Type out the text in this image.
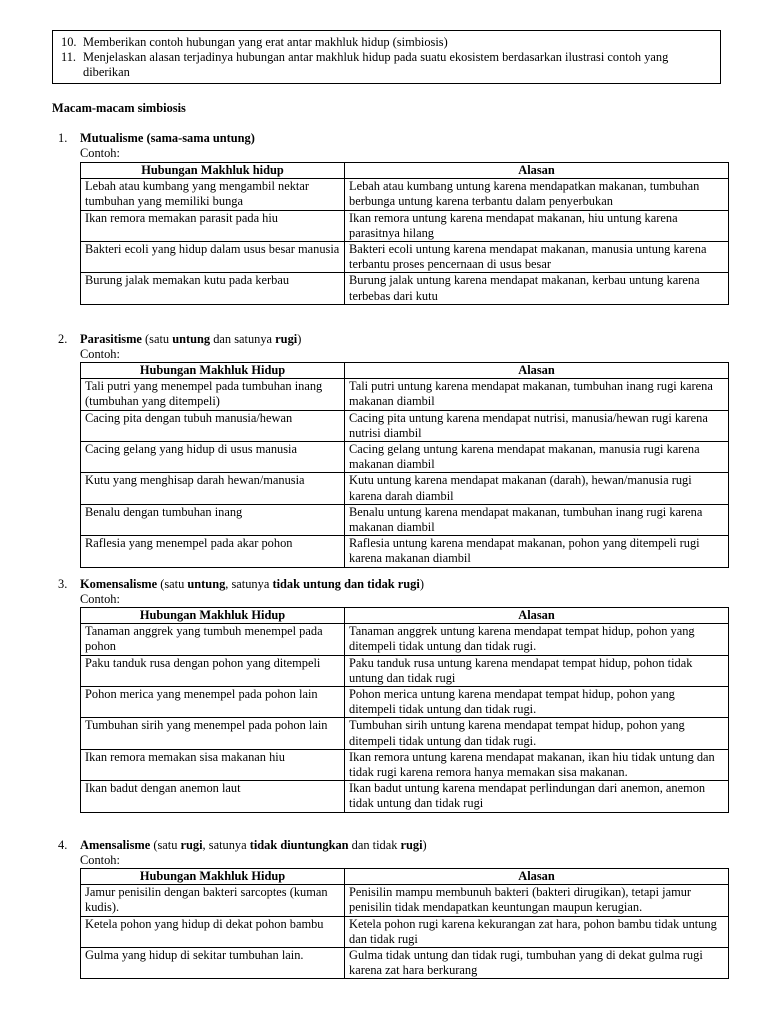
10. Memberikan contoh hubungan yang erat antar makhluk hidup (simbiosis)
11. Menjelaskan alasan terjadinya hubungan antar makhluk hidup pada suatu ekosistem berdasarkan ilustrasi contoh yang diberikan
Macam-macam simbiosis
1. Mutualisme (sama-sama untung)
Contoh:
Hubungan Makhluk hidup	Alasan
Lebah atau kumbang yang mengambil nektar tumbuhan yang memiliki bunga	Lebah atau kumbang untung karena mendapatkan makanan, tumbuhan berbunga untung karena terbantu dalam penyerbukan
Ikan remora memakan parasit pada hiu	Ikan remora untung karena mendapat makanan, hiu untung karena parasitnya hilang
Bakteri ecoli yang hidup dalam usus besar manusia	Bakteri ecoli untung karena mendapat makanan, manusia untung karena terbantu proses pencernaan di usus besar
Burung jalak memakan kutu pada kerbau	Burung jalak untung karena mendapat makanan, kerbau untung karena terbebas dari kutu
2. Parasitisme (satu untung dan satunya rugi)
Contoh:
Hubungan Makhluk Hidup	Alasan
Tali putri yang menempel pada tumbuhan inang (tumbuhan yang ditempeli)	Tali putri untung karena mendapat makanan, tumbuhan inang rugi karena makanan diambil
Cacing pita dengan tubuh manusia/hewan	Cacing pita untung karena mendapat nutrisi, manusia/hewan rugi karena nutrisi diambil
Cacing gelang yang hidup di usus manusia	Cacing gelang untung karena mendapat makanan, manusia rugi karena makanan diambil
Kutu yang menghisap darah hewan/manusia	Kutu untung karena mendapat makanan (darah), hewan/manusia rugi karena darah diambil
Benalu dengan tumbuhan inang	Benalu untung karena mendapat makanan, tumbuhan inang rugi karena makanan diambil
Raflesia yang menempel pada akar pohon	Raflesia untung karena mendapat makanan, pohon yang ditempeli rugi karena makanan diambil
3. Komensalisme (satu untung, satunya tidak untung dan tidak rugi)
Contoh:
Hubungan Makhluk Hidup	Alasan
Tanaman anggrek yang tumbuh menempel pada pohon	Tanaman anggrek untung karena mendapat tempat hidup, pohon yang ditempeli tidak untung dan tidak rugi.
Paku tanduk rusa dengan pohon yang ditempeli	Paku tanduk rusa untung karena mendapat tempat hidup, pohon tidak untung dan tidak rugi
Pohon merica yang menempel pada pohon lain	Pohon merica untung karena mendapat tempat hidup, pohon yang ditempeli tidak untung dan tidak rugi.
Tumbuhan sirih yang menempel pada pohon lain	Tumbuhan sirih untung karena mendapat tempat hidup, pohon yang ditempeli tidak untung dan tidak rugi.
Ikan remora memakan sisa makanan hiu	Ikan remora untung karena mendapat makanan, ikan hiu tidak untung dan tidak rugi karena remora hanya memakan sisa makanan.
Ikan badut dengan anemon laut	Ikan badut untung karena mendapat perlindungan dari anemon, anemon tidak untung dan tidak rugi
4. Amensalisme (satu rugi, satunya tidak diuntungkan dan tidak rugi)
Contoh:
Hubungan Makhluk Hidup	Alasan
Jamur penisilin dengan bakteri sarcoptes (kuman kudis).	Penisilin mampu membunuh bakteri (bakteri dirugikan), tetapi jamur penisilin tidak mendapatkan keuntungan maupun kerugian.
Ketela pohon yang hidup di dekat pohon bambu	Ketela pohon rugi karena kekurangan zat hara, pohon bambu tidak untung dan tidak rugi
Gulma yang hidup di sekitar tumbuhan lain.	Gulma tidak untung dan tidak rugi, tumbuhan yang di dekat gulma rugi karena zat hara berkurang
